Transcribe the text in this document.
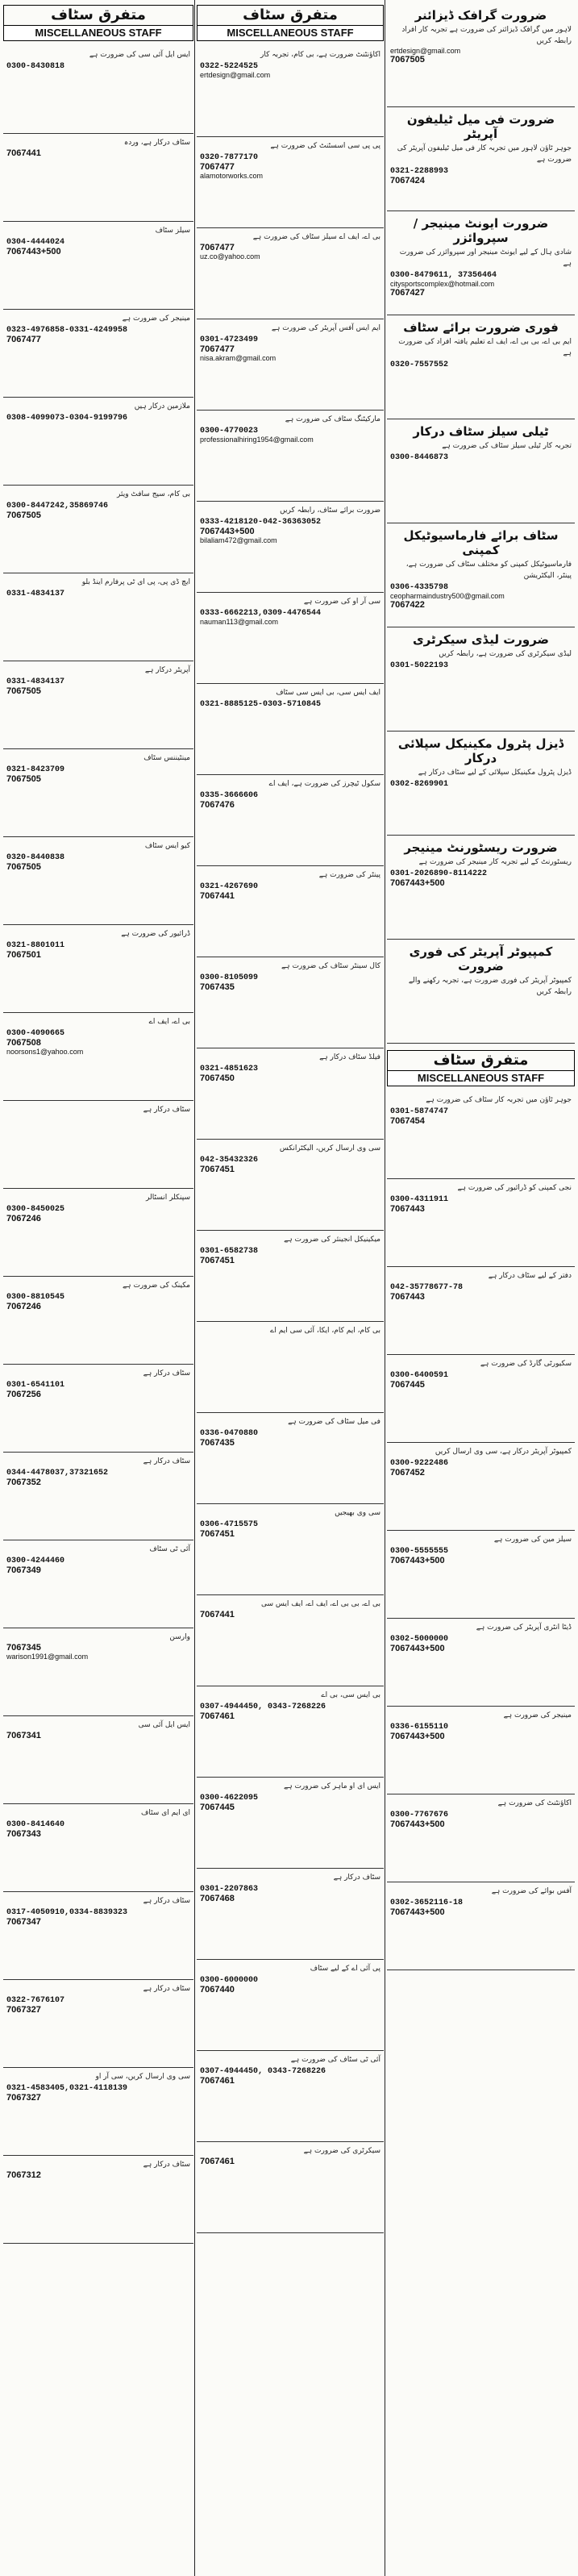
ضرورت گرافک ڈیزائنر

لاہور میں گرافک ڈیزائنر کی ضرورت ہے تجربہ کار افراد رابطہ کریں

ertdesign@gmail.com
7067505
ضرورت فی میل ٹیلیفون آپریٹر

جوہر ٹاؤن لاہور میں تجربہ کار فی میل ٹیلیفون آپریٹر کی ضرورت ہے

0321-2288993
7067424
ضرورت ایونٹ مینیجر / سپروائزر

شادی ہال کے لیے ایونٹ مینیجر اور سپروائزر کی ضرورت ہے

0300-8479611, 37356464
citysportscomplex@hotmail.com
7067427
فوری ضرورت برائے سٹاف

ایم بی اے، بی بی اے، ایف اے تعلیم یافتہ افراد کی ضرورت ہے

0320-7557552
ٹیلی سیلز سٹاف درکار

تجربہ کار ٹیلی سیلز سٹاف کی ضرورت ہے

0300-8446873
سٹاف برائے فارماسیوٹیکل کمپنی

فارماسیوٹیکل کمپنی کو مختلف سٹاف کی ضرورت ہے، پینٹر، الیکٹریشن

0306-4335798
ceopharmaindustry500@gmail.com
7067422
ضرورت لیڈی سیکرٹری

لیڈی سیکرٹری کی ضرورت ہے، رابطہ کریں

0301-5022193
ڈیزل پٹرول مکینیکل سپلائی درکار

ڈیزل پٹرول مکینیکل سپلائی کے لیے سٹاف درکار ہے

0302-8269901
ضرورت ریسٹورنٹ مینیجر

ریسٹورنٹ کے لیے تجربہ کار مینیجر کی ضرورت ہے

0301-2026890-8114222
7067443+500
کمپیوٹر آپریٹر کی فوری ضرورت

کمپیوٹر آپریٹر کی فوری ضرورت ہے، تجربہ رکھنے والے رابطہ کریں

متفرق سٹاف
MISCELLANEOUS STAFF

جوہر ٹاؤن میں تجربہ کار سٹاف کی ضرورت ہے

0301-5874747
7067454

نجی کمپنی کو ڈرائیور کی ضرورت ہے

0300-4311911
7067443

دفتر کے لیے سٹاف درکار ہے

042-35778677-78
7067443

سکیورٹی گارڈ کی ضرورت ہے

0300-6400591
7067445

کمپیوٹر آپریٹر درکار ہے، سی وی ارسال کریں

0300-9222486
7067452

سیلز مین کی ضرورت ہے

0300-5555555
7067443+500

ڈیٹا انٹری آپریٹر کی ضرورت ہے

0302-5000000
7067443+500

مینیجر کی ضرورت ہے

0336-6155110
7067443+500

اکاؤنٹنٹ کی ضرورت ہے

0300-7767676
7067443+500

آفس بوائے کی ضرورت ہے

0302-3652116-18
7067443+500
متفرق سٹاف
MISCELLANEOUS STAFF

اکاؤنٹنٹ ضرورت ہے، بی کام، تجربہ کار

0322-5224525
ertdesign@gmail.com

پی پی سی اسسٹنٹ کی ضرورت ہے

0320-7877170
7067477
alamotorworks.com

بی اے، ایف اے سیلز سٹاف کی ضرورت ہے

7067477
uz.co@yahoo.com

ایم ایس آفس آپریٹر کی ضرورت ہے

0301-4723499
7067477
nisa.akram@gmail.com

مارکیٹنگ سٹاف کی ضرورت ہے

0300-4770023
professionalhiring1954@gmail.com

ضرورت برائے سٹاف، رابطہ کریں

0333-4218120-042-36363052
7067443+500
bilaliam472@gmail.com

سی آر او کی ضرورت ہے

0333-6662213,0309-4476544
nauman113@gmail.com

ایف ایس سی، بی ایس سی سٹاف

0321-8885125-0303-5710845

سکول ٹیچرز کی ضرورت ہے، ایف اے

0335-3666606
7067476

پینٹر کی ضرورت ہے

0321-4267690
7067441

کال سینٹر سٹاف کی ضرورت ہے

0300-8105099
7067435

فیلڈ سٹاف درکار ہے

0321-4851623
7067450

سی وی ارسال کریں، الیکٹرانکس

042-35432326
7067451

میکینیکل انجینئر کی ضرورت ہے

0301-6582738
7067451

بی کام، ایم کام، ایکا، آئی سی ایم اے

فی میل سٹاف کی ضرورت ہے

0336-0470880
7067435

سی وی بھیجیں

0306-4715575
7067451

بی اے، بی بی اے، ایف اے، ایف ایس سی

7067441

بی ایس سی، بی اے

0307-4944450, 0343-7268226
7067461

ایس ای او ماہر کی ضرورت ہے

0300-4622095
7067445

سٹاف درکار ہے

0301-2207863
7067468

پی آئی اے کے لیے سٹاف

0300-6000000
7067440

آئی ٹی سٹاف کی ضرورت ہے

0307-4944450, 0343-7268226
7067461

سیکرٹری کی ضرورت ہے

7067461
متفرق سٹاف
MISCELLANEOUS STAFF

ایس ایل آئی سی کی ضرورت ہے

0300-8430818

سٹاف درکار ہے، وردہ

7067441

سیلز سٹاف

0304-4444024
7067443+500

مینیجر کی ضرورت ہے

0323-4976858-0331-4249958
7067477

ملازمین درکار ہیں

0308-4099073-0304-9199796

بی کام، سیج سافٹ ویئر

0300-8447242,35869746
7067505

ایچ ڈی پی، پی ای ٹی پرفارم اینڈ بلو

0331-4834137

آپریٹر درکار ہے

0331-4834137
7067505

مینٹیننس سٹاف

0321-8423709
7067505

کیو ایس سٹاف

0320-8440838
7067505

ڈرائیور کی ضرورت ہے

0321-8801011
7067501

بی اے، ایف اے

0300-4090665
7067508
noorsons1@yahoo.com

سٹاف درکار ہے

سپنکلر انسٹالر

0300-8450025
7067246

مکینک کی ضرورت ہے

0300-8810545
7067246

سٹاف درکار ہے

0301-6541101
7067256

سٹاف درکار ہے

0344-4478037,37321652
7067352

آئی ٹی سٹاف

0300-4244460
7067349

وارسن

7067345
warison1991@gmail.com

ایس ایل آئی سی

7067341

ای ایم ای سٹاف

0300-8414640
7067343

سٹاف درکار ہے

0317-4050910,0334-8839323
7067347

سٹاف درکار ہے

0322-7676107
7067327

سی وی ارسال کریں، سی آر او

0321-4583405,0321-4118139
7067327

سٹاف درکار ہے

7067312
